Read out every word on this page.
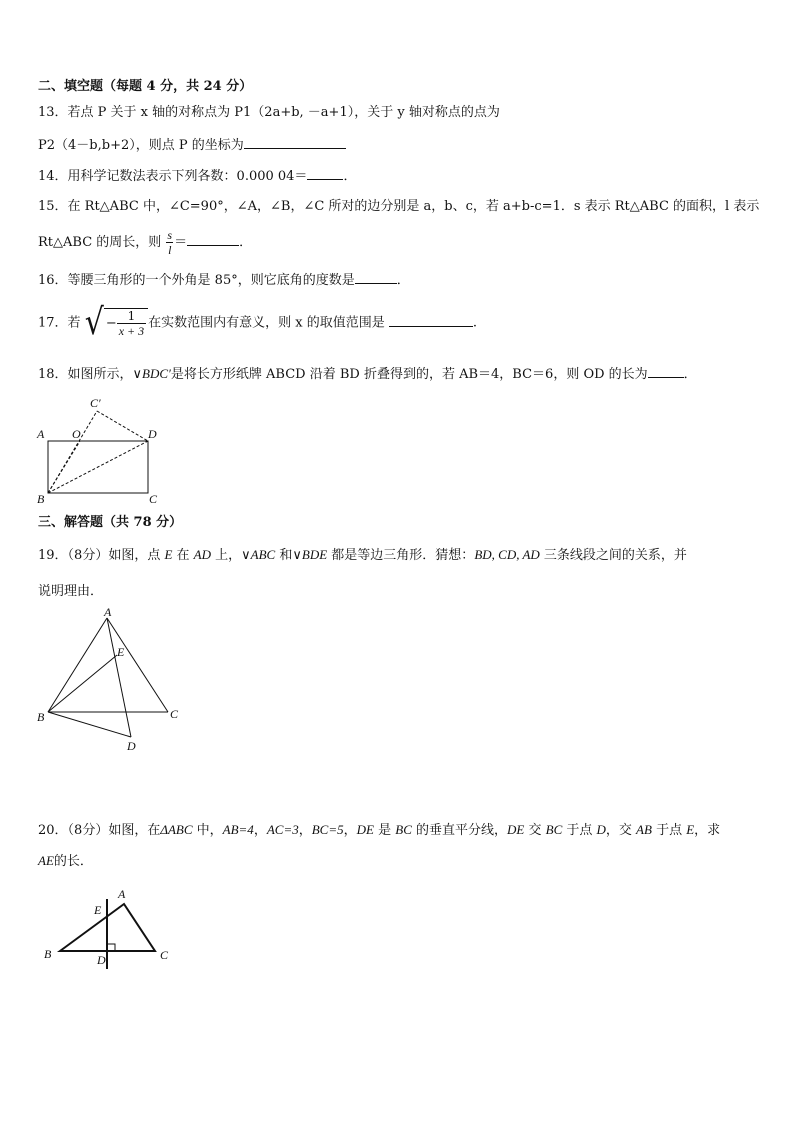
二、填空题（每题 4 分，共 24 分）
13．若点 P 关于 x 轴的对称点为 P1（2a+b, －a+1），关于 y 轴对称点的点为
P2（4－b,b+2），则点 P 的坐标为
14．用科学记数法表示下列各数：0.000 04＝	．
15．在 Rt△ABC 中，∠C=90°，∠A，∠B，∠C 所对的边分别是 a，b、c，若 a+b-c=1．s 表示 Rt△ABC 的面积，l 表示
Rt△ABC 的周长，则 $\frac{s}{l}$ ＝	．
16．等腰三角形的一个外角是 85°，则它底角的度数是	．
17．若 √ − $\frac{1}{x + 3}$ 在实数范围内有意义，则 x 的取值范围是	.
18．如图所示，∨BDC′是将长方形纸牌 ABCD 沿着 BD 折叠得到的，若 AB＝4，BC＝6，则 OD 的长为	．
C′
A O	D
B	C
三、解答题（共 78 分）
19．（8分）如图，点 E 在 AD 上，∨ABC 和∨BDE 都是等边三角形．猜想：BD, CD, AD 三条线段之间的关系，并
说明理由．
A
E
B	C
D
20．（8分）如图，在ΔABC 中，AB=4，AC=3，BC=5，DE 是 BC 的垂直平分线，DE 交 BC 于点 D，交 AB 于点 E，求
AE的长．
A
E
B	D	C
